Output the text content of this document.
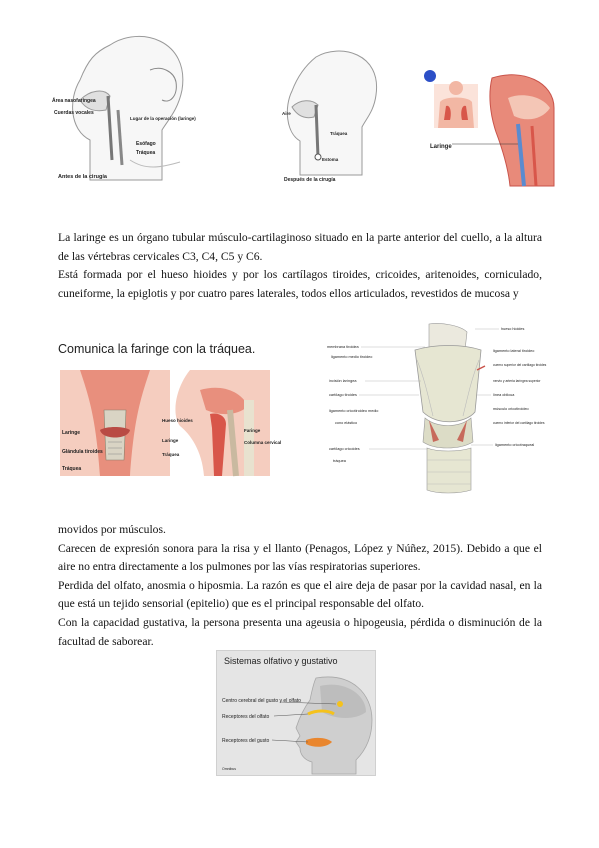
Área nasofaríngea
Cuerdas vocales
Lugar de la operación (laringe)
Esófago
Tráquea
Antes de la cirugía
Aire
Tráquea
Estoma
Después de la cirugía
Laringe

La laringe es un órgano tubular músculo-cartilaginoso situado en la parte anterior del cuello, a la altura de las vértebras cervicales C3, C4, C5 y C6.

Está formada por el hueso hioides y por los cartílagos tiroides, cricoides, aritenoides, corniculado, cuneiforme, la epiglotis y por cuatro pares laterales, todos ellos articulados, revestidos de mucosa y

Comunica la faringe con la tráquea.

Laringe
Glándula tiroides
Tráquea
Hueso hioides
Laringe
Tráquea
Faringe
Columna cervical
membrana tiroidea
ligamento medio tiroideo
incisión laríngea
cartílago tiroides
ligamento cricotiroideo medio
cono elástico
cartílago cricoides
tráquea
hueso hioides
ligamento lateral tiroideo
cuerno superior del cartílago tiroides
nervio y arteria laríngea superior
línea oblicua
músculo cricotiroideo
cuerno inferior del cartílago tiroides
ligamento cricotraqueal

movidos por músculos.

Carecen de expresión sonora para la risa y el llanto (Penagos, López y Núñez, 2015). Debido a que el aire no entra directamente a los pulmones por las vías respiratorias superiores.

Perdida del olfato, anosmia o hiposmia. La razón es que el aire deja de pasar por la cavidad nasal, en la que está un tejido sensorial (epitelio) que es el principal responsable del olfato.

Con la capacidad gustativa, la persona presenta una ageusia o hipogeusia, pérdida o disminución de la facultad de saborear.

Sistemas olfativo y gustativo
Centro cerebral del gusto y el olfato
Receptores del olfato
Receptores del gusto
Omnibus
